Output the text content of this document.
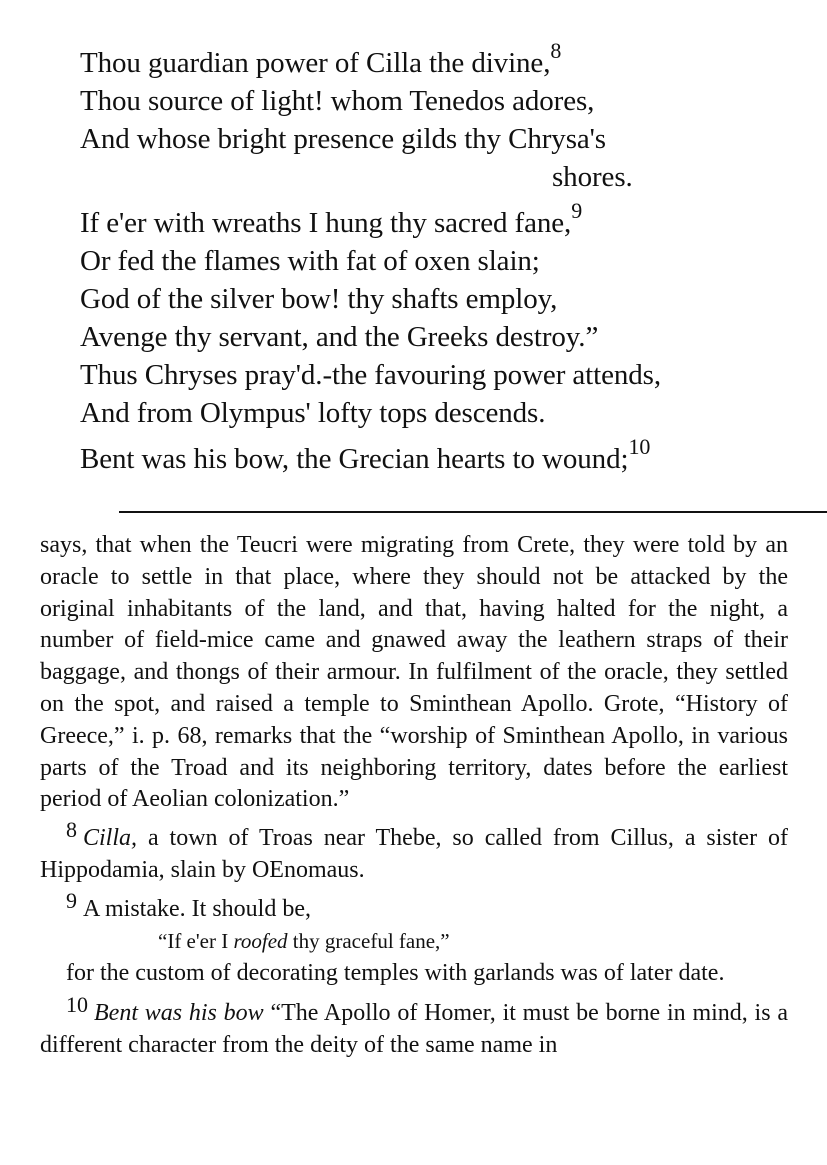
Thou guardian power of Cilla the divine,$^8$
Thou source of light! whom Tenedos adores,
And whose bright presence gilds thy Chrysa's
shores.
If e'er with wreaths I hung thy sacred fane,$^9$
Or fed the flames with fat of oxen slain;
God of the silver bow! thy shafts employ,
Avenge thy servant, and the Greeks destroy.”
Thus Chryses pray'd.-the favouring power attends,
And from Olympus' lofty tops descends.
Bent was his bow, the Grecian hearts to wound;$^{10}$

says, that when the Teucri were migrating from Crete, they were told by an oracle to settle in that place, where they should not be attacked by the original inhabitants of the land, and that, having halted for the night, a number of field-mice came and gnawed away the leathern straps of their baggage, and thongs of their armour. In fulfilment of the oracle, they settled on the spot, and raised a temple to Sminthean Apollo. Grote, “History of Greece,” i. p. 68, remarks that the “worship of Sminthean Apollo, in various parts of the Troad and its neighboring territory, dates before the earliest period of Aeolian colonization.”

8 Cilla, a town of Troas near Thebe, so called from Cillus, a sister of Hippodamia, slain by OEnomaus.

9 A mistake. It should be,

“If e'er I roofed thy graceful fane,”

for the custom of decorating temples with garlands was of later date.

10 Bent was his bow “The Apollo of Homer, it must be borne in mind, is a different character from the deity of the same name in
